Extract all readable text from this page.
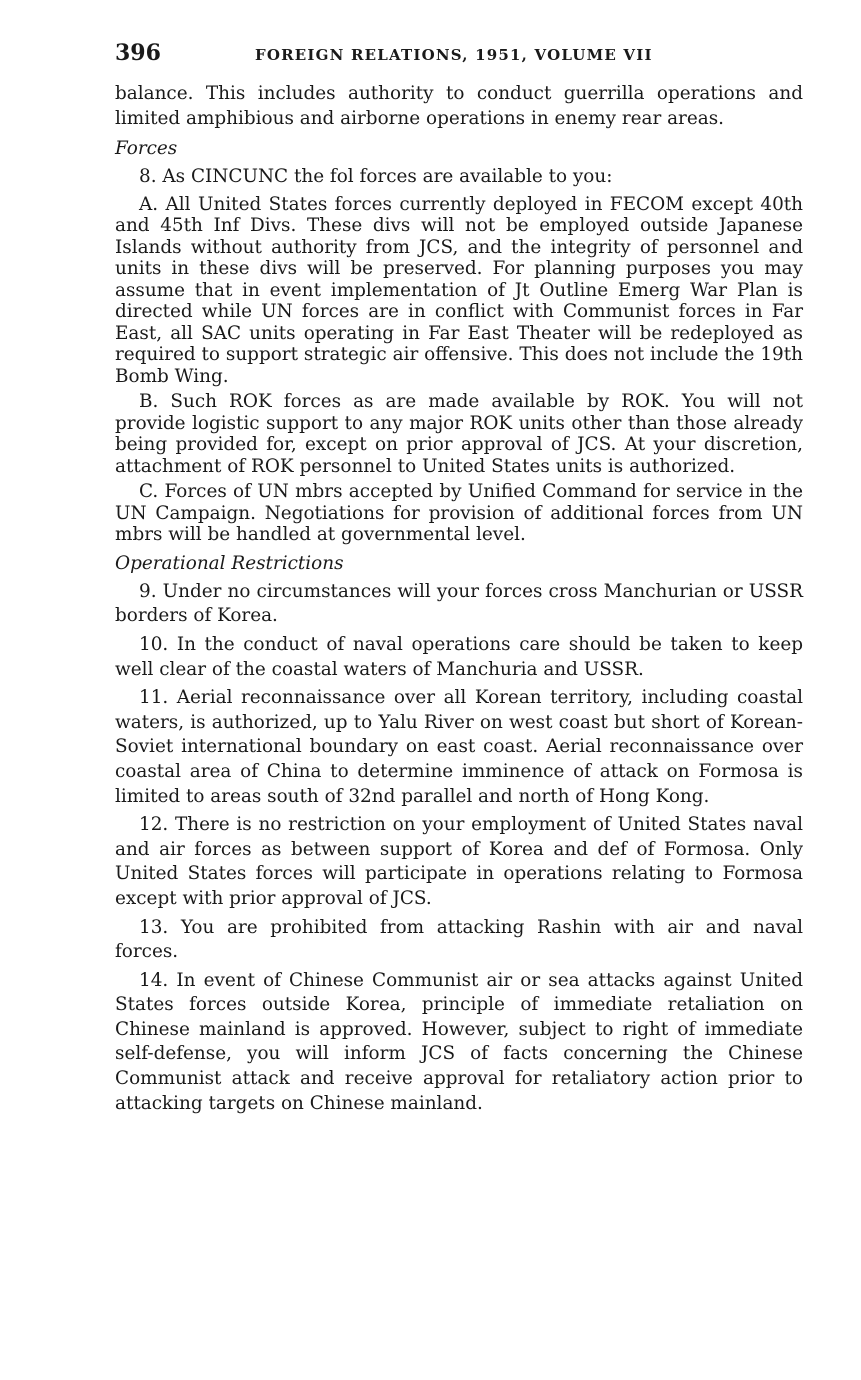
396	FOREIGN RELATIONS, 1951, VOLUME VII

balance. This includes authority to conduct guerrilla operations and limited amphibious and airborne operations in enemy rear areas.

Forces

8. As CINCUNC the fol forces are available to you:

A. All United States forces currently deployed in FECOM except 40th and 45th Inf Divs. These divs will not be employed outside Japanese Islands without authority from JCS, and the integrity of personnel and units in these divs will be preserved. For planning purposes you may assume that in event implementation of Jt Outline Emerg War Plan is directed while UN forces are in conflict with Communist forces in Far East, all SAC units operating in Far East Theater will be redeployed as required to support strategic air offensive. This does not include the 19th Bomb Wing.

B. Such ROK forces as are made available by ROK. You will not provide logistic support to any major ROK units other than those already being provided for, except on prior approval of JCS. At your discretion, attachment of ROK personnel to United States units is authorized.

C. Forces of UN mbrs accepted by Unified Command for service in the UN Campaign. Negotiations for provision of additional forces from UN mbrs will be handled at governmental level.

Operational Restrictions

9. Under no circumstances will your forces cross Manchurian or USSR borders of Korea.

10. In the conduct of naval operations care should be taken to keep well clear of the coastal waters of Manchuria and USSR.

11. Aerial reconnaissance over all Korean territory, including coastal waters, is authorized, up to Yalu River on west coast but short of Korean-Soviet international boundary on east coast. Aerial reconnaissance over coastal area of China to determine imminence of attack on Formosa is limited to areas south of 32nd parallel and north of Hong Kong.

12. There is no restriction on your employment of United States naval and air forces as between support of Korea and def of Formosa. Only United States forces will participate in operations relating to Formosa except with prior approval of JCS.

13. You are prohibited from attacking Rashin with air and naval forces.

14. In event of Chinese Communist air or sea attacks against United States forces outside Korea, principle of immediate retaliation on Chinese mainland is approved. However, subject to right of immediate self-defense, you will inform JCS of facts concerning the Chinese Communist attack and receive approval for retaliatory action prior to attacking targets on Chinese mainland.
